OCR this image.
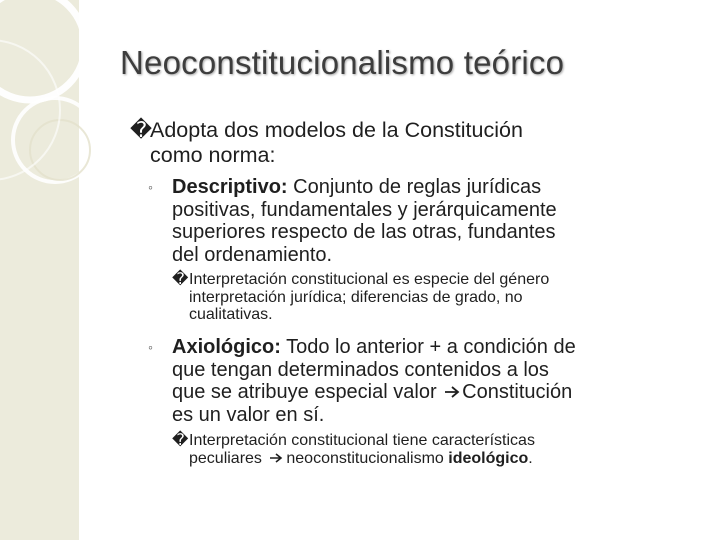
Neoconstitucionalismo teórico
�Adopta dos modelos de la Constitución
como norma:
◦ Descriptivo: Conjunto de reglas jurídicas
positivas, fundamentales y jerárquicamente
superiores respecto de las otras, fundantes
del ordenamiento.
�Interpretación constitucional es especie del género
interpretación jurídica; diferencias de grado, no
cualitativas.
◦ Axiológico: Todo lo anterior + a condición de
que tengan determinados contenidos a los
que se atribuye especial valor Constitución
es un valor en sí.
�Interpretación constitucional tiene características
peculiares neoconstitucionalismo ideológico.
